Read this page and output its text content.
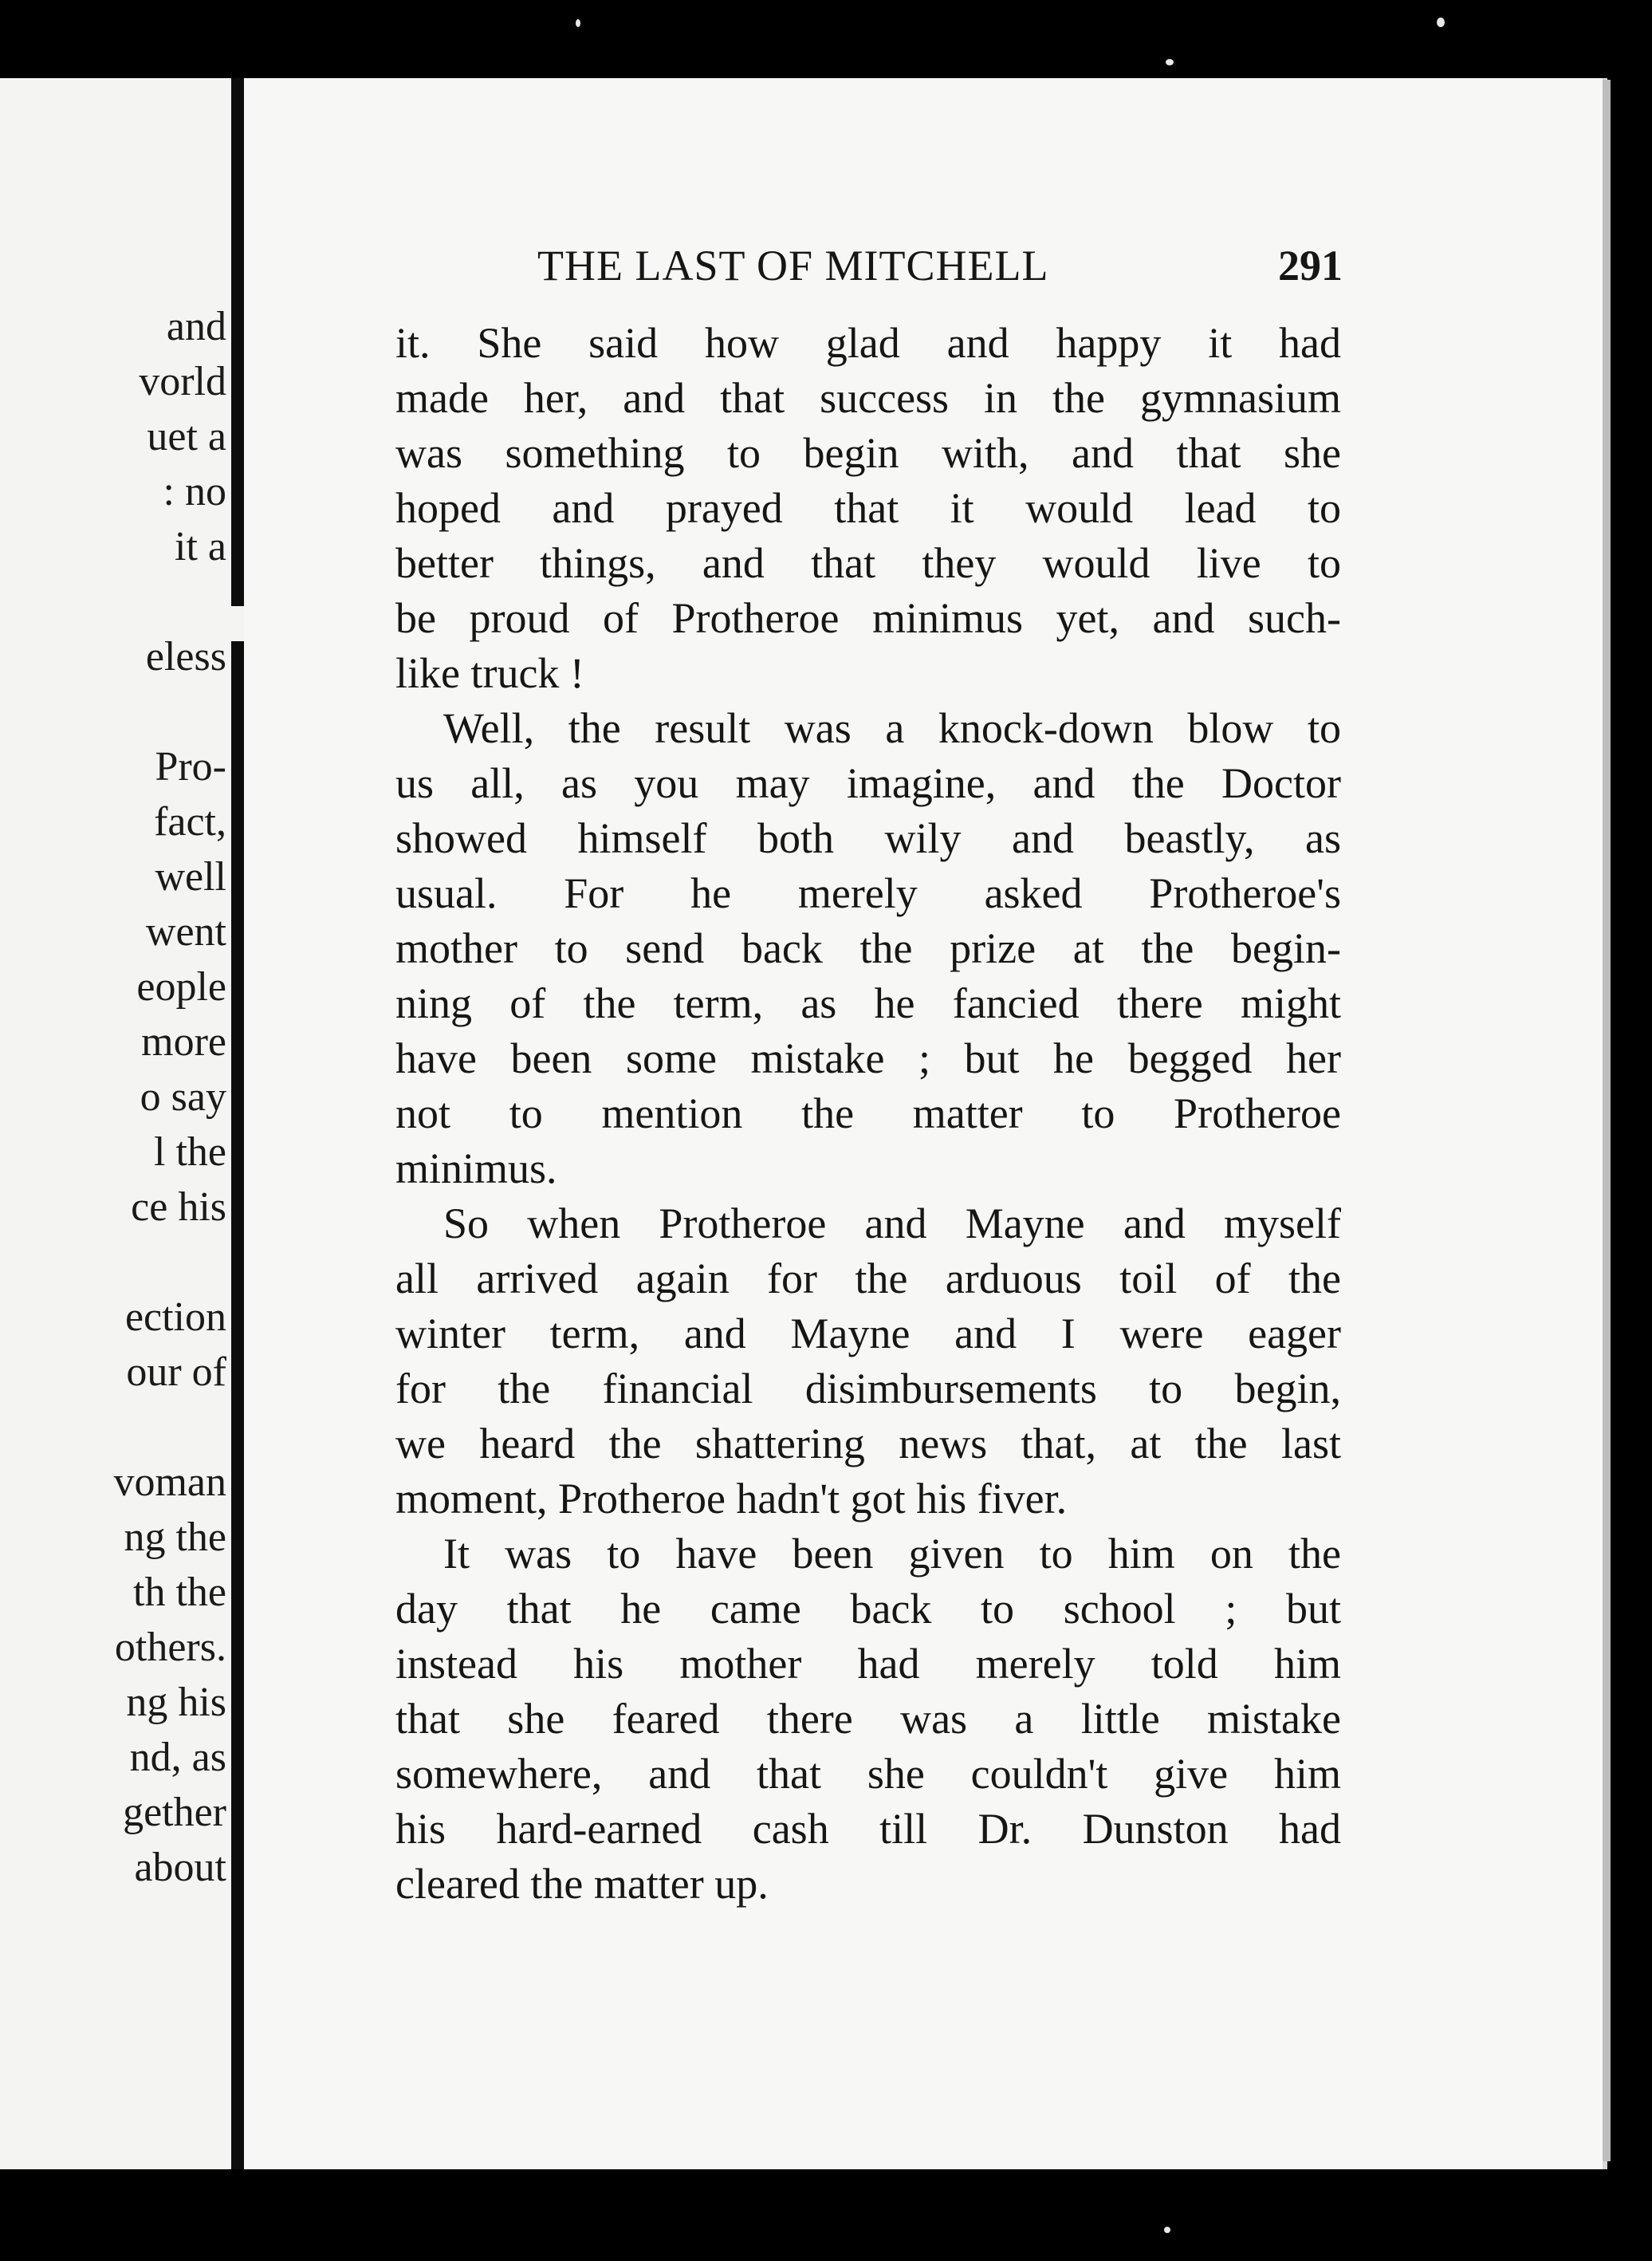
and
vorld
uet a
: no
it a
eless
Pro-
fact,
well
went
eople
more
o say
l the
ce his
ection
our of
voman
ng the
th the
others.
ng his
nd, as
gether
about
THE LAST OF MITCHELL	291
it. She said how glad and happy it had
made her, and that success in the gymnasium
was something to begin with, and that she
hoped and prayed that it would lead to
better things, and that they would live to
be proud of Protheroe minimus yet, and such-
like truck !
Well, the result was a knock-down blow to
us all, as you may imagine, and the Doctor
showed himself both wily and beastly, as
usual. For he merely asked Protheroe's
mother to send back the prize at the begin-
ning of the term, as he fancied there might
have been some mistake ; but he begged her
not to mention the matter to Protheroe
minimus.
So when Protheroe and Mayne and myself
all arrived again for the arduous toil of the
winter term, and Mayne and I were eager
for the financial disimbursements to begin,
we heard the shattering news that, at the last
moment, Protheroe hadn't got his fiver.
It was to have been given to him on the
day that he came back to school ; but
instead his mother had merely told him
that she feared there was a little mistake
somewhere, and that she couldn't give him
his hard-earned cash till Dr. Dunston had
cleared the matter up.
